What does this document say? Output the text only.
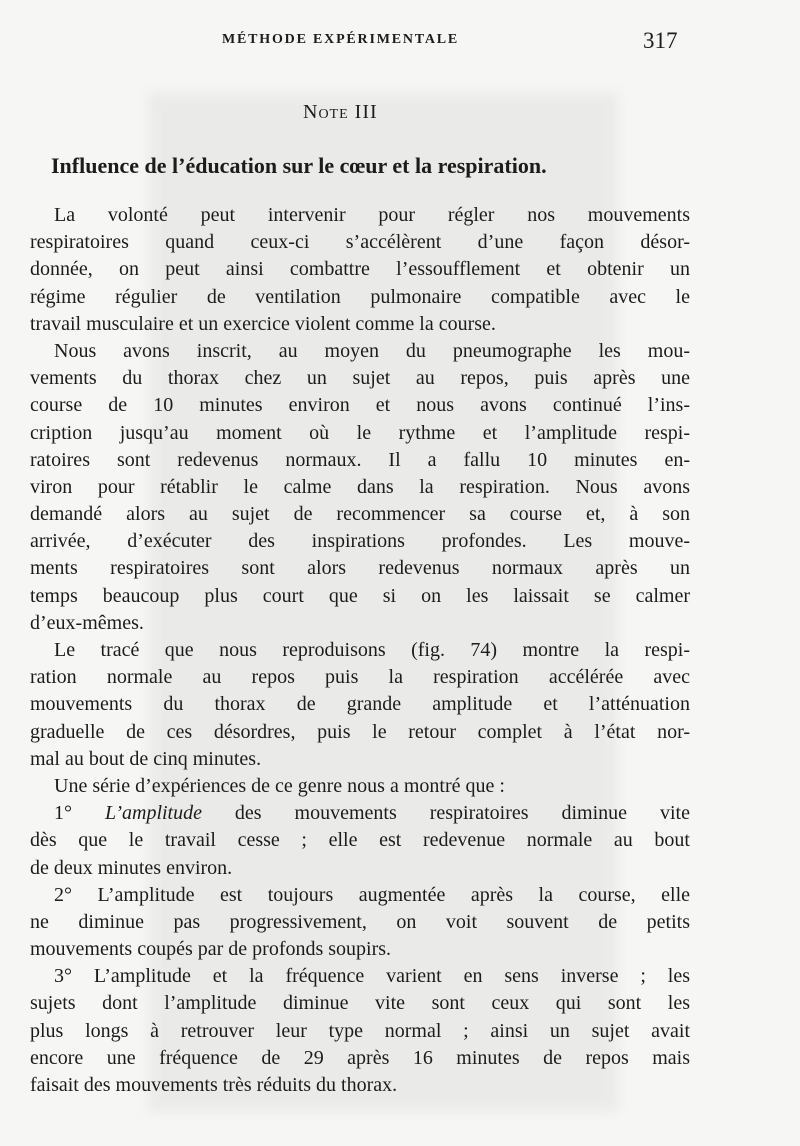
MÉTHODE EXPÉRIMENTALE	317
Note III
Influence de l’éducation sur le cœur et la respiration.
La volonté peut intervenir pour régler nos mouvements
respiratoires quand ceux-ci s’accélèrent d’une façon désor-
donnée, on peut ainsi combattre l’essoufflement et obtenir un
régime régulier de ventilation pulmonaire compatible avec le
travail musculaire et un exercice violent comme la course.
Nous avons inscrit, au moyen du pneumographe les mou-
vements du thorax chez un sujet au repos, puis après une
course de 10 minutes environ et nous avons continué l’ins-
cription jusqu’au moment où le rythme et l’amplitude respi-
ratoires sont redevenus normaux. Il a fallu 10 minutes en-
viron pour rétablir le calme dans la respiration. Nous avons
demandé alors au sujet de recommencer sa course et, à son
arrivée, d’exécuter des inspirations profondes. Les mouve-
ments respiratoires sont alors redevenus normaux après un
temps beaucoup plus court que si on les laissait se calmer
d’eux-mêmes.
Le tracé que nous reproduisons (fig. 74) montre la respi-
ration normale au repos puis la respiration accélérée avec
mouvements du thorax de grande amplitude et l’atténuation
graduelle de ces désordres, puis le retour complet à l’état nor-
mal au bout de cinq minutes.
Une série d’expériences de ce genre nous a montré que :
1° L’amplitude des mouvements respiratoires diminue vite
dès que le travail cesse ; elle est redevenue normale au bout
de deux minutes environ.
2° L’amplitude est toujours augmentée après la course, elle
ne diminue pas progressivement, on voit souvent de petits
mouvements coupés par de profonds soupirs.
3° L’amplitude et la fréquence varient en sens inverse ; les
sujets dont l’amplitude diminue vite sont ceux qui sont les
plus longs à retrouver leur type normal ; ainsi un sujet avait
encore une fréquence de 29 après 16 minutes de repos mais
faisait des mouvements très réduits du thorax.
